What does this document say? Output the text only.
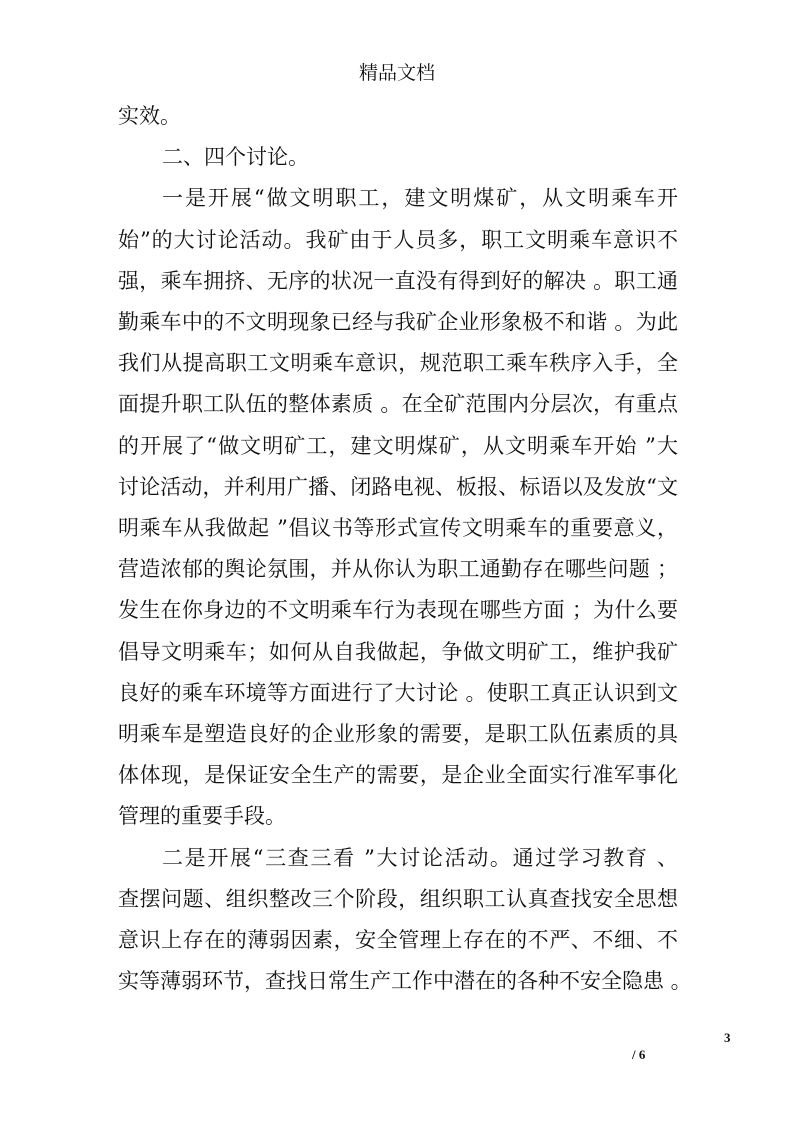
精品文档

实效。

二、四个讨论。

一是开展“做文明职工，建文明煤矿，从文明乘车开
始”的大讨论活动。我矿由于人员多，职工文明乘车意识不
强，乘车拥挤、无序的状况一直没有得到好的解决 。职工通
勤乘车中的不文明现象已经与我矿企业形象极不和谐 。为此
我们从提高职工文明乘车意识，规范职工乘车秩序入手，全
面提升职工队伍的整体素质 。在全矿范围内分层次，有重点
的开展了“做文明矿工，建文明煤矿，从文明乘车开始 ”大
讨论活动，并利用广播、闭路电视、板报、标语以及发放“文
明乘车从我做起 ”倡议书等形式宣传文明乘车的重要意义，
营造浓郁的舆论氛围，并从你认为职工通勤存在哪些问题 ；
发生在你身边的不文明乘车行为表现在哪些方面 ；为什么要
倡导文明乘车；如何从自我做起，争做文明矿工，维护我矿
良好的乘车环境等方面进行了大讨论 。使职工真正认识到文
明乘车是塑造良好的企业形象的需要，是职工队伍素质的具
体体现，是保证安全生产的需要，是企业全面实行准军事化
管理的重要手段。

二是开展“三查三看 ”大讨论活动。通过学习教育 、
查摆问题、组织整改三个阶段，组织职工认真查找安全思想
意识上存在的薄弱因素，安全管理上存在的不严、不细、不
实等薄弱环节，查找日常生产工作中潜在的各种不安全隐患 。

3
/ 6
